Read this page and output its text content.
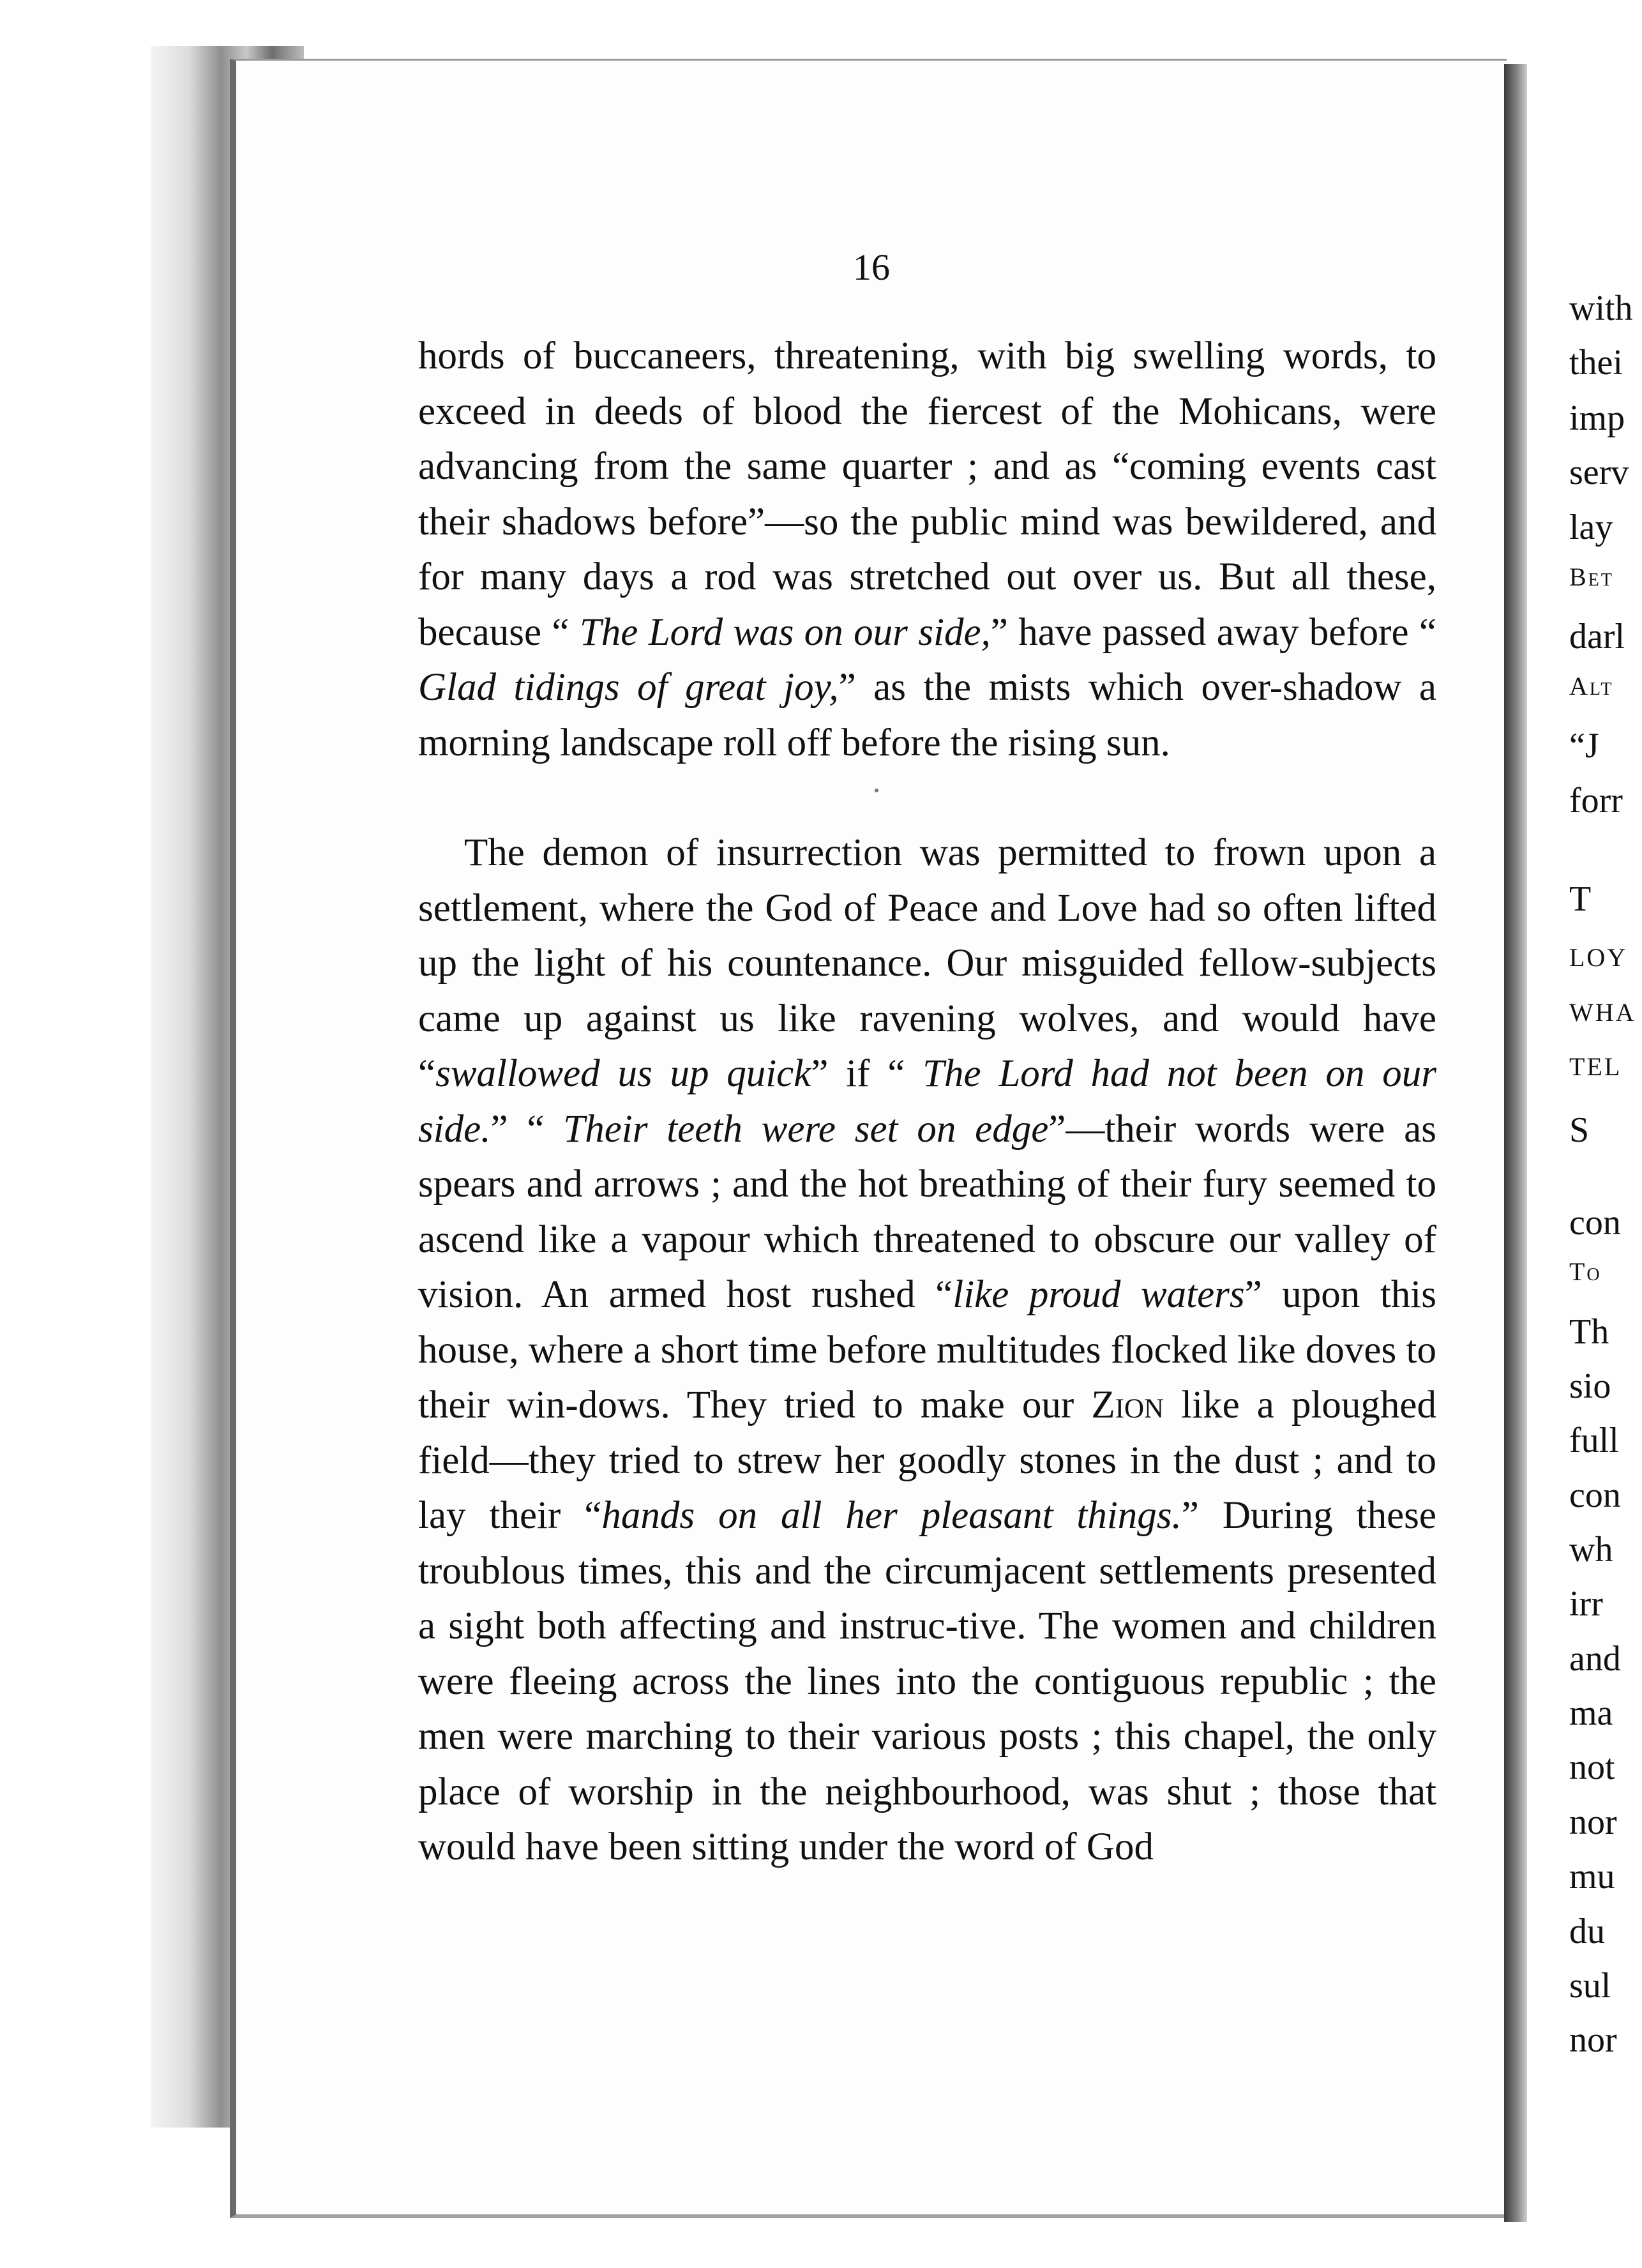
16

hords of buccaneers, threatening, with big swelling words, to exceed in deeds of blood the fiercest of the Mohicans, were advancing from the same quarter ; and as “coming events cast their shadows before”—so the public mind was bewildered, and for many days a rod was stretched out over us. But all these, because “ The Lord was on our side,” have passed away before “ Glad tidings of great joy,” as the mists which over-shadow a morning landscape roll off before the rising sun.

The demon of insurrection was permitted to frown upon a settlement, where the God of Peace and Love had so often lifted up the light of his countenance. Our misguided fellow-subjects came up against us like ravening wolves, and would have “swallowed us up quick” if “ The Lord had not been on our side.” “ Their teeth were set on edge”—their words were as spears and arrows ; and the hot breathing of their fury seemed to ascend like a vapour which threatened to obscure our valley of vision. An armed host rushed “like proud waters” upon this house, where a short time before multitudes flocked like doves to their win-dows. They tried to make our Zion like a ploughed field—they tried to strew her goodly stones in the dust ; and to lay their “hands on all her pleasant things.” During these troublous times, this and the circumjacent settlements presented a sight both affecting and instruc-tive. The women and children were fleeing across the lines into the contiguous republic ; the men were marching to their various posts ; this chapel, the only place of worship in the neighbourhood, was shut ; those that would have been sitting under the word of God

with
thei
imp
serv
lay
Bet
darl
Alt
“J
forr
T
LOY
WHA
TEL
S
con
To
Th
sio
full
con
wh
irr
and
ma
not
nor
mu
du
sul
nor
